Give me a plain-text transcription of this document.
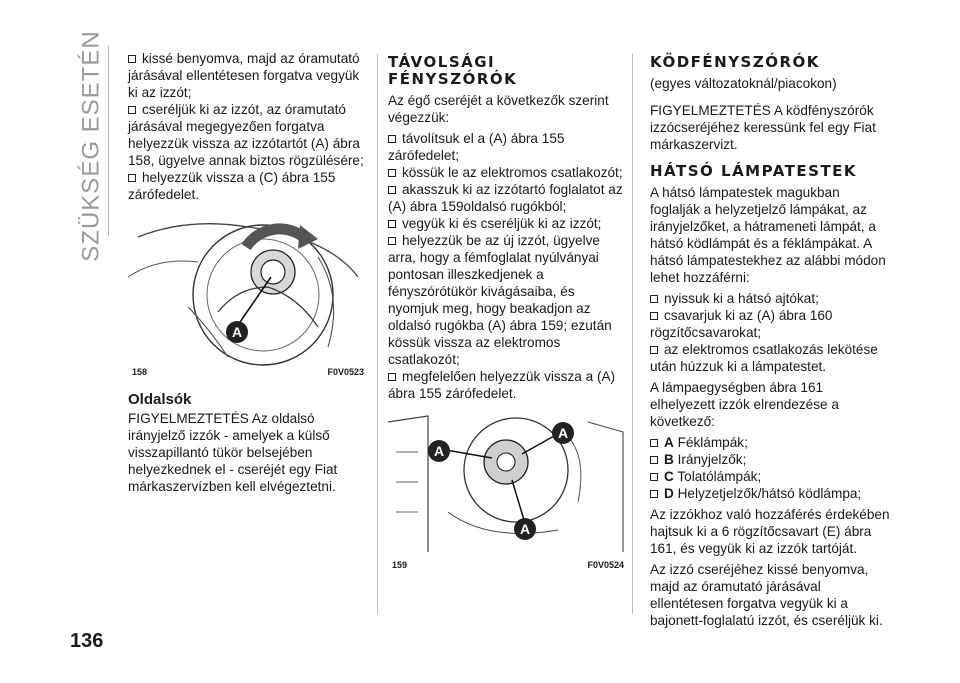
SZÜKSÉG ESETÉN
136
kissé benyomva, majd az óramutató járásával ellentétesen forgatva vegyük ki az izzót;
cseréljük ki az izzót, az óramutató járásával megegyezően forgatva helyezzük vissza az izzótartót (A) ábra 158, ügyelve annak biztos rögzülésére;
helyezzük vissza a (C) ábra 155 zárófedelet.
A
158	F0V0523
Oldalsók

FIGYELMEZTETÉS Az oldalsó irányjelző izzók - amelyek a külső visszapillantó tükör belsejében helyezkednek el - cseréjét egy Fiat márkaszervízben kell elvégeztetni.

TÁVOLSÁGI FÉNYSZÓRÓK

Az égő cseréjét a következők szerint végezzük:

távolítsuk el a (A) ábra 155 zárófedelet;
kössük le az elektromos csatlakozót;
akasszuk ki az izzótartó foglalatot az (A) ábra 159oldalsó rugókból;
vegyük ki és cseréljük ki az izzót;
helyezzük be az új izzót, ügyelve arra, hogy a fémfoglalat nyúlványai pontosan illeszkedjenek a fényszórótükör kivágásaiba, és nyomjuk meg, hogy beakadjon az oldalsó rugókba (A) ábra 159; ezután kössük vissza az elektromos csatlakozót;
megfelelően helyezzük vissza a (A) ábra 155 zárófedelet.
A
A
A
159	F0V0524
KÖDFÉNYSZÓRÓK

(egyes változatoknál/piacokon)

FIGYELMEZTETÉS A ködfényszórók izzócseréjéhez keressünk fel egy Fiat márkaszervizt.

HÁTSÓ LÁMPATESTEK

A hátsó lámpatestek magukban foglalják a helyzetjelző lámpákat, az irányjelzőket, a hátrameneti lámpát, a hátsó ködlámpát és a féklámpákat. A hátsó lámpatestekhez az alábbi módon lehet hozzáférni:

nyissuk ki a hátsó ajtókat;
csavarjuk ki az (A) ábra 160 rögzítőcsavarokat;
az elektromos csatlakozás lekötése után húzzuk ki a lámpatestet.

A lámpaegységben ábra 161 elhelyezett izzók elrendezése a következő:

A Féklámpák;
B Irányjelzők;
C Tolatólámpák;
D Helyzetjelzők/hátsó ködlámpa;

Az izzókhoz való hozzáférés érdekében hajtsuk ki a 6 rögzítőcsavart (E) ábra 161, és vegyük ki az izzók tartóját.

Az izzó cseréjéhez kissé benyomva, majd az óramutató járásával ellentétesen forgatva vegyük ki a bajonett-foglalatú izzót, és cseréljük ki.
